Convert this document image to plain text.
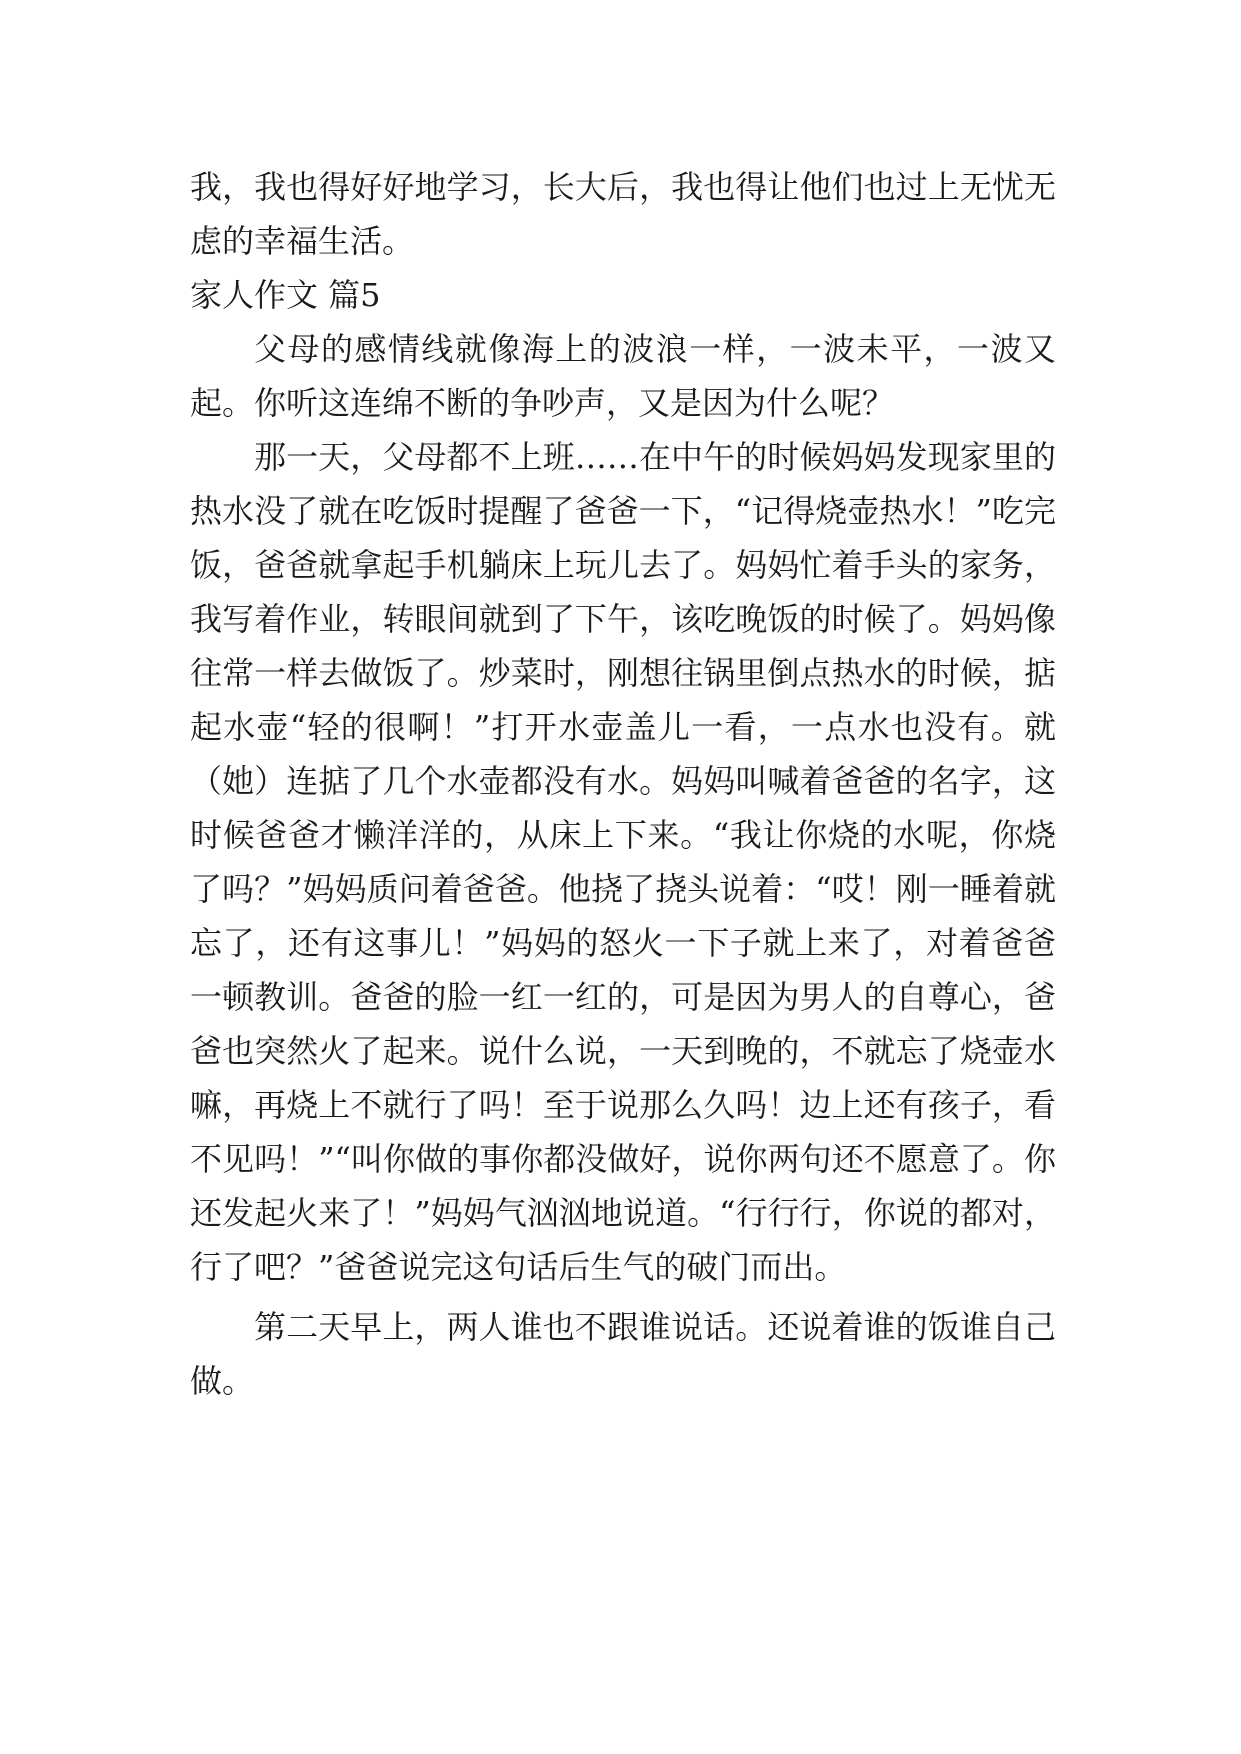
我，我也得好好地学习，长大后，我也得让他们也过上无忧无虑的幸福生活。

家人作文 篇5

父母的感情线就像海上的波浪一样，一波未平，一波又起。你听这连绵不断的争吵声，又是因为什么呢？

那一天，父母都不上班……在中午的时候妈妈发现家里的热水没了就在吃饭时提醒了爸爸一下，“记得烧壶热水！”吃完饭，爸爸就拿起手机躺床上玩儿去了。妈妈忙着手头的家务，我写着作业，转眼间就到了下午，该吃晚饭的时候了。妈妈像往常一样去做饭了。炒菜时，刚想往锅里倒点热水的时候，掂起水壶“轻的很啊！”打开水壶盖儿一看，一点水也没有。就（她）连掂了几个水壶都没有水。妈妈叫喊着爸爸的名字，这时候爸爸才懒洋洋的，从床上下来。“我让你烧的水呢，你烧了吗？”妈妈质问着爸爸。他挠了挠头说着：“哎！刚一睡着就忘了，还有这事儿！”妈妈的怒火一下子就上来了，对着爸爸一顿教训。爸爸的脸一红一红的，可是因为男人的自尊心，爸爸也突然火了起来。说什么说，一天到晚的，不就忘了烧壶水嘛，再烧上不就行了吗！至于说那么久吗！边上还有孩子，看不见吗！”“叫你做的事你都没做好，说你两句还不愿意了。你还发起火来了！”妈妈气汹汹地说道。“行行行，你说的都对，行了吧？”爸爸说完这句话后生气的破门而出。

第二天早上，两人谁也不跟谁说话。还说着谁的饭谁自己做。
